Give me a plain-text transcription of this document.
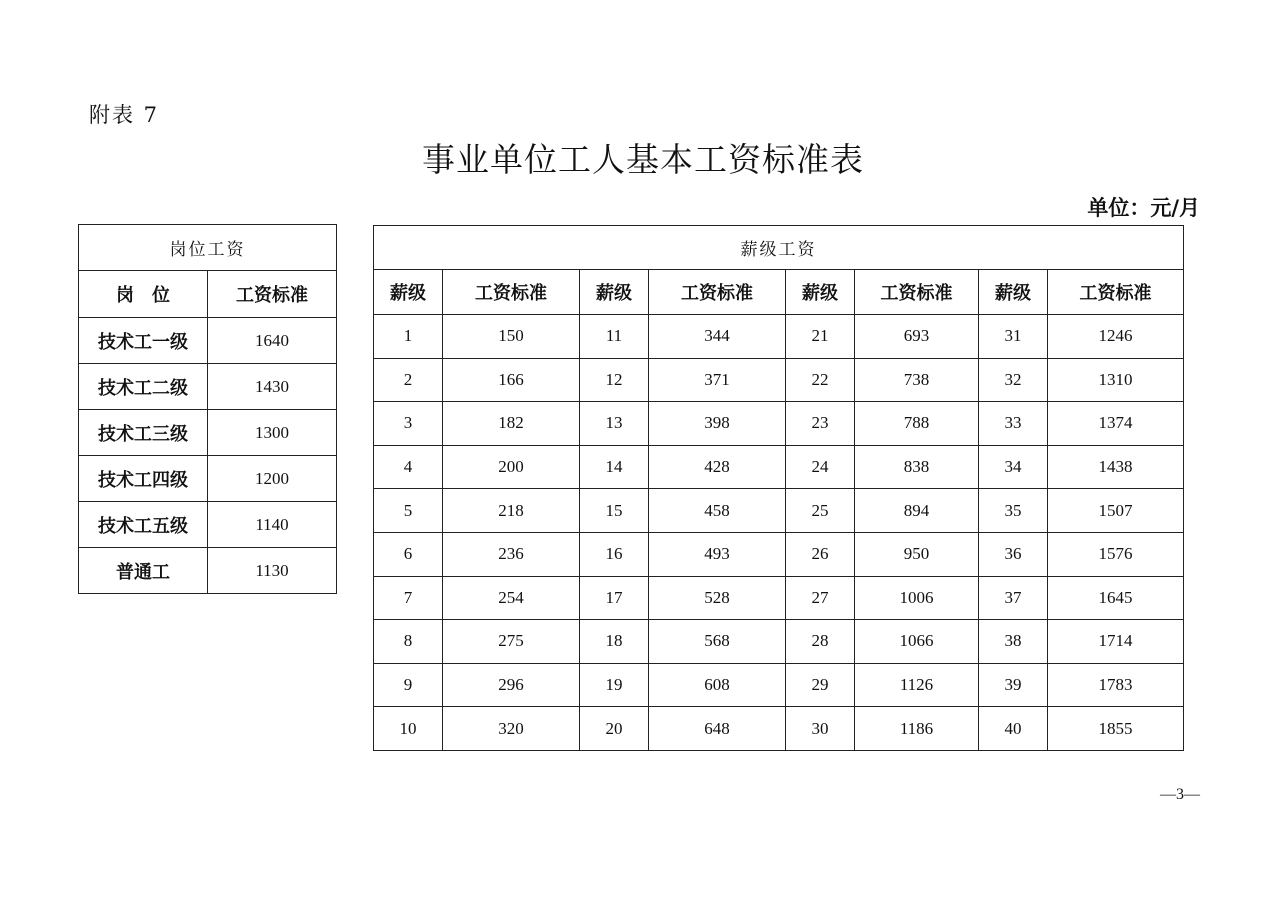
附表 7
事业单位工人基本工资标准表
单位：元/月
岗位工资	
岗　位	工资标准
技术工一级	1640
技术工二级	1430
技术工三级	1300
技术工四级	1200
技术工五级	1140
普通工	1130
薪级工资							
薪级	工资标准	薪级	工资标准	薪级	工资标准	薪级	工资标准
1	150	11	344	21	693	31	1246
2	166	12	371	22	738	32	1310
3	182	13	398	23	788	33	1374
4	200	14	428	24	838	34	1438
5	218	15	458	25	894	35	1507
6	236	16	493	26	950	36	1576
7	254	17	528	27	1006	37	1645
8	275	18	568	28	1066	38	1714
9	296	19	608	29	1126	39	1783
10	320	20	648	30	1186	40	1855
—3—
